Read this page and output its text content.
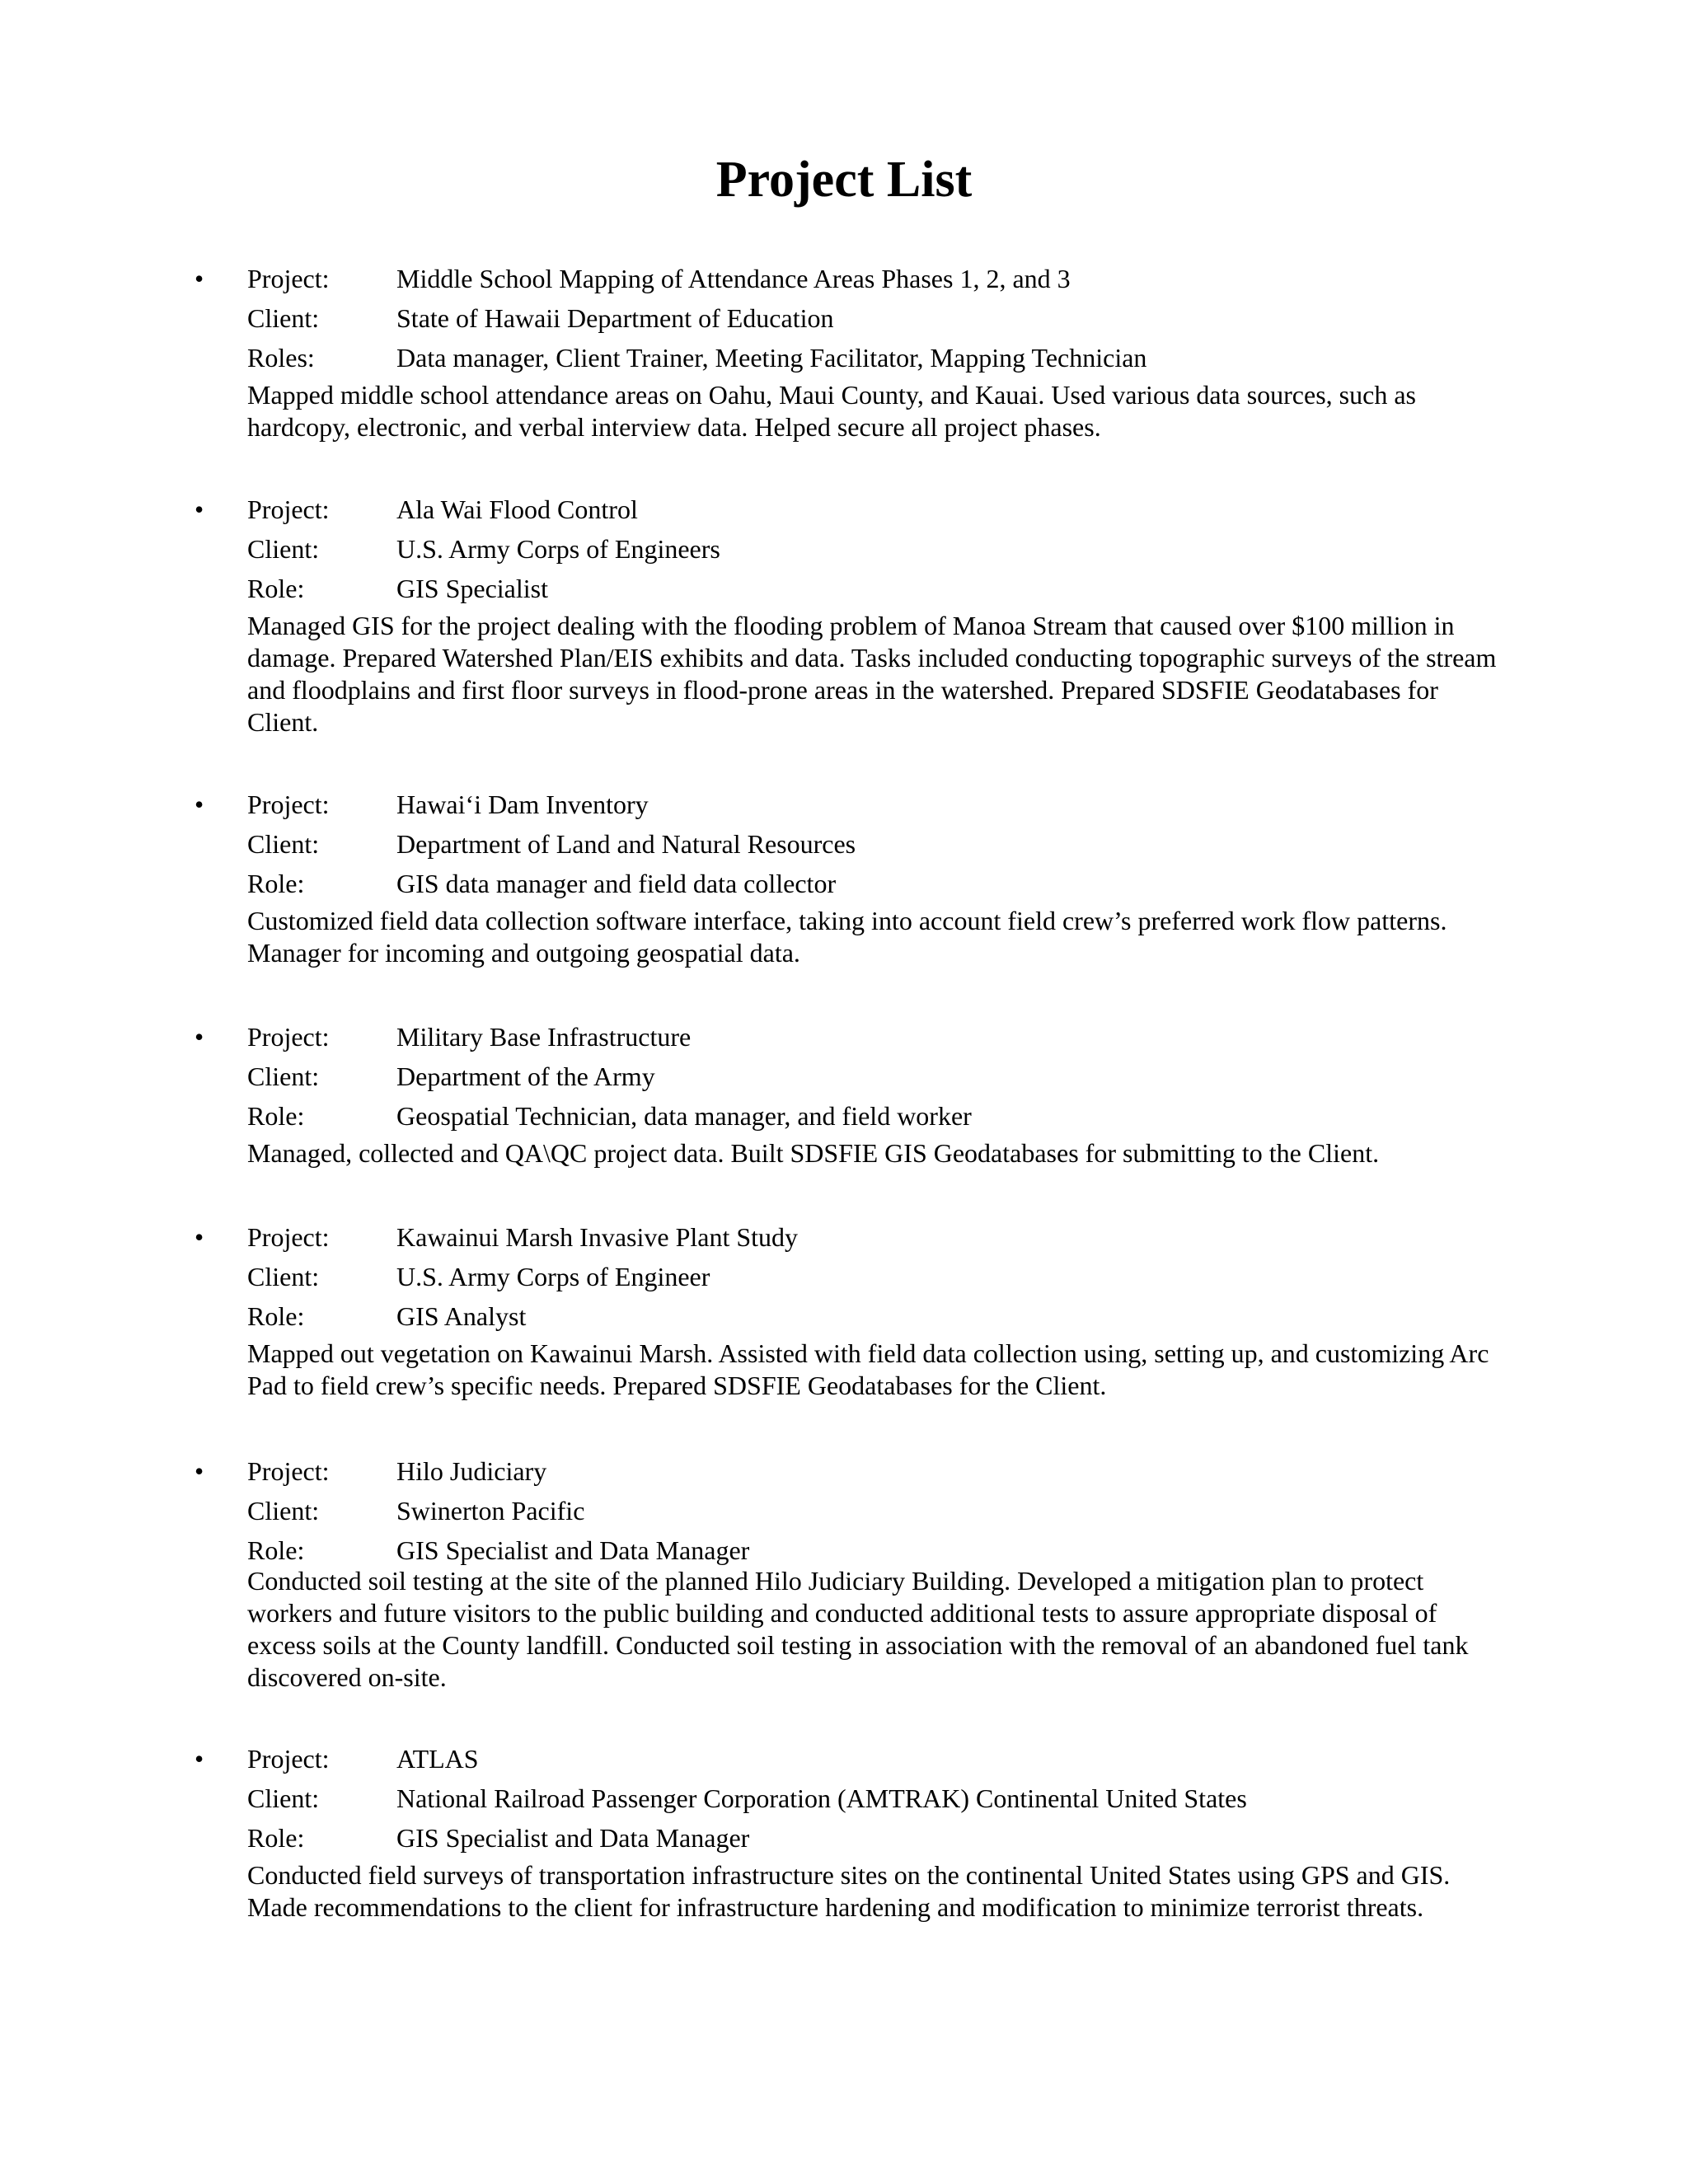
Project List
•	Project:	Middle School Mapping of Attendance Areas Phases 1, 2, and 3
Client:	State of Hawaii Department of Education
Roles:	Data manager, Client Trainer, Meeting Facilitator, Mapping Technician
Mapped middle school attendance areas on Oahu, Maui County, and Kauai. Used various data sources, such as hardcopy, electronic, and verbal interview data. Helped secure all project phases.
•	Project:	Ala Wai Flood Control
Client:	U.S. Army Corps of Engineers
Role:	GIS Specialist
Managed GIS for the project dealing with the flooding problem of Manoa Stream that caused over $100 million in damage. Prepared Watershed Plan/EIS exhibits and data. Tasks included conducting topographic surveys of the stream and floodplains and first floor surveys in flood-prone areas in the watershed. Prepared SDSFIE Geodatabases for Client.
•	Project:	Hawai‘i Dam Inventory
Client:	Department of Land and Natural Resources
Role:	GIS data manager and field data collector
Customized field data collection software interface, taking into account field crew’s preferred work flow patterns. Manager for incoming and outgoing geospatial data.
•	Project:	Military Base Infrastructure
Client:	Department of the Army
Role:	Geospatial Technician, data manager, and field worker
Managed, collected and QA\QC project data. Built SDSFIE GIS Geodatabases for submitting to the Client.
•	Project:	Kawainui Marsh Invasive Plant Study
Client:	U.S. Army Corps of Engineer
Role:	GIS Analyst
Mapped out vegetation on Kawainui Marsh. Assisted with field data collection using, setting up, and customizing Arc Pad to field crew’s specific needs. Prepared SDSFIE Geodatabases for the Client.
•	Project:	Hilo Judiciary
Client:	Swinerton Pacific
Role:	GIS Specialist and Data Manager
Conducted soil testing at the site of the planned Hilo Judiciary Building. Developed a mitigation plan to protect workers and future visitors to the public building and conducted additional tests to assure appropriate disposal of excess soils at the County landfill. Conducted soil testing in association with the removal of an abandoned fuel tank discovered on-site.
•	Project:	ATLAS
Client:	National Railroad Passenger Corporation (AMTRAK) Continental United States
Role:	GIS Specialist and Data Manager
Conducted field surveys of transportation infrastructure sites on the continental United States using GPS and GIS. Made recommendations to the client for infrastructure hardening and modification to minimize terrorist threats.
